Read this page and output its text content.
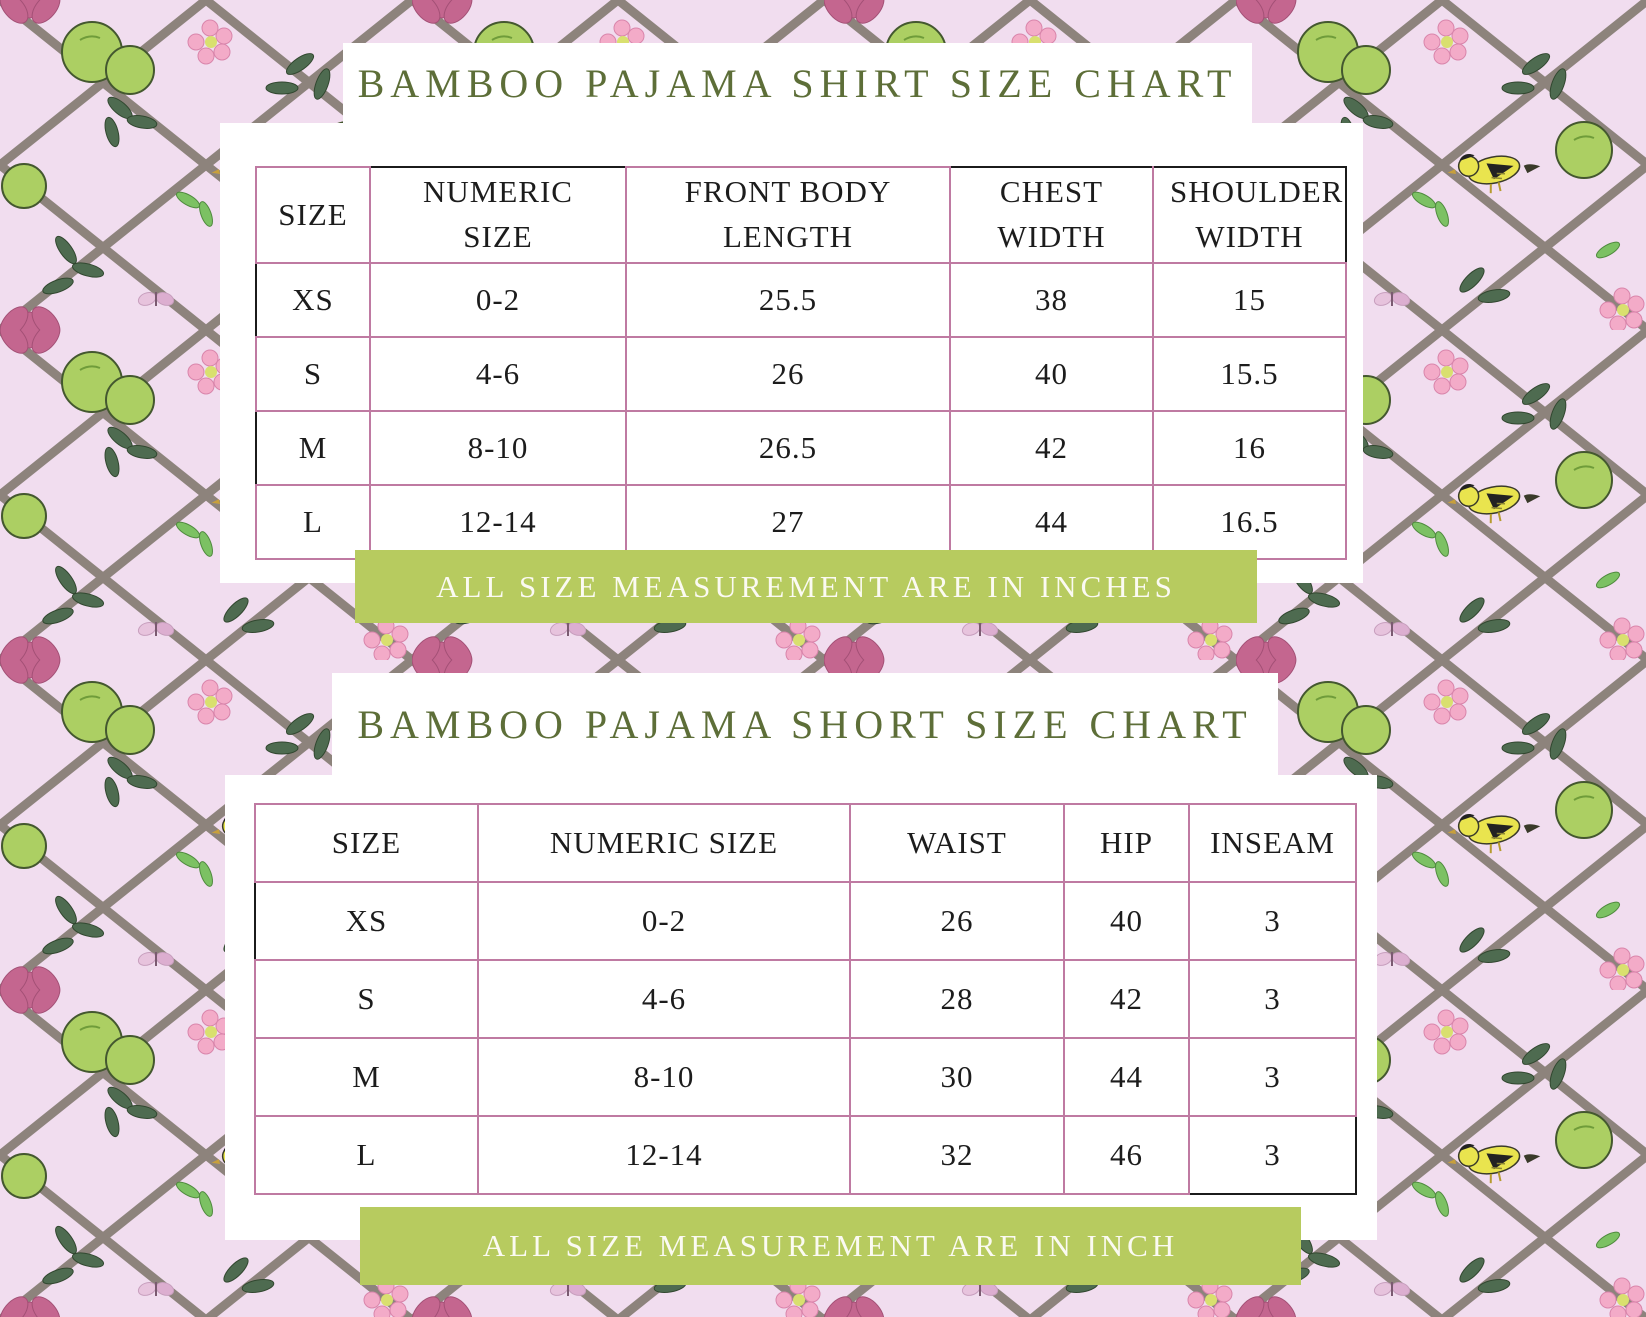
BAMBOO PAJAMA SHIRT SIZE CHART
SIZE	NUMERIC SIZE	FRONT BODY LENGTH	CHEST WIDTH	SHOULDER WIDTH
XS	0-2	25.5	38	15
S	4-6	26	40	15.5
M	8-10	26.5	42	16
L	12-14	27	44	16.5
ALL SIZE MEASUREMENT ARE IN INCHES
BAMBOO PAJAMA SHORT SIZE CHART
SIZE	NUMERIC SIZE	WAIST	HIP	INSEAM
XS	0-2	26	40	3
S	4-6	28	42	3
M	8-10	30	44	3
L	12-14	32	46	3
ALL SIZE MEASUREMENT ARE IN INCH
